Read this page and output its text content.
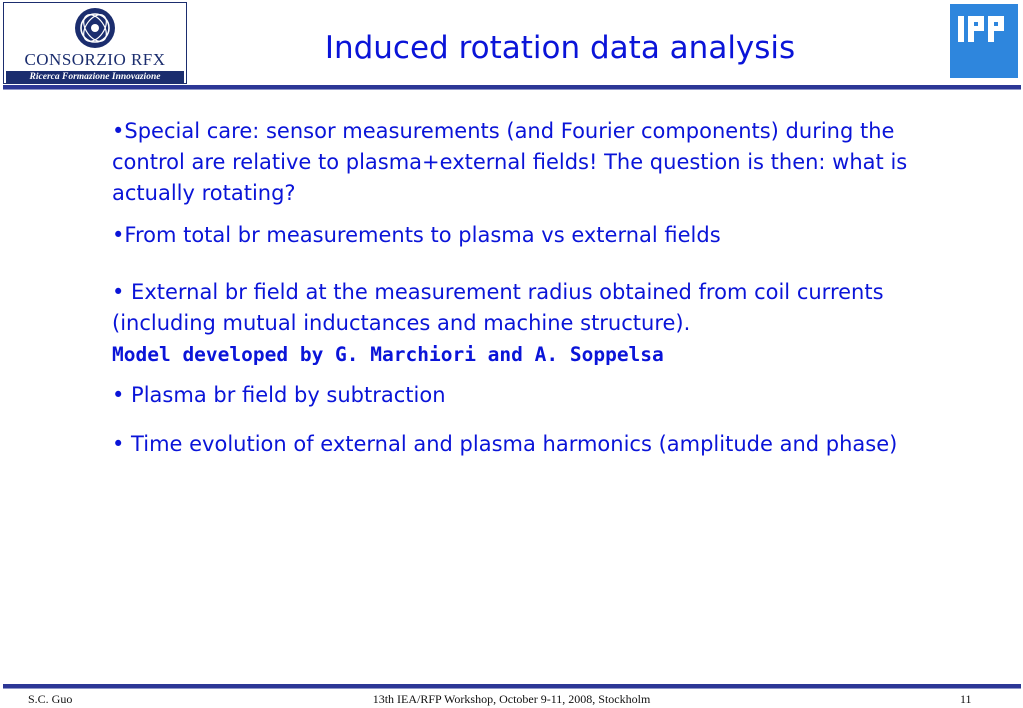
CONSORZIO RFX
Ricerca Formazione Innovazione
Induced rotation data analysis

•Special care: sensor measurements (and Fourier components) during the control are relative to plasma+external fields! The question is then: what is actually rotating?

•From total br measurements to plasma vs external fields

• External br field at the measurement radius obtained from coil currents (including mutual inductances and machine structure).
Model developed by G. Marchiori and A. Soppelsa

• Plasma br field by subtraction

• Time evolution of external and plasma harmonics (amplitude and phase)

13th IEA/RFP Workshop, October 9-11, 2008, Stockholm
S.C. Guo	11
